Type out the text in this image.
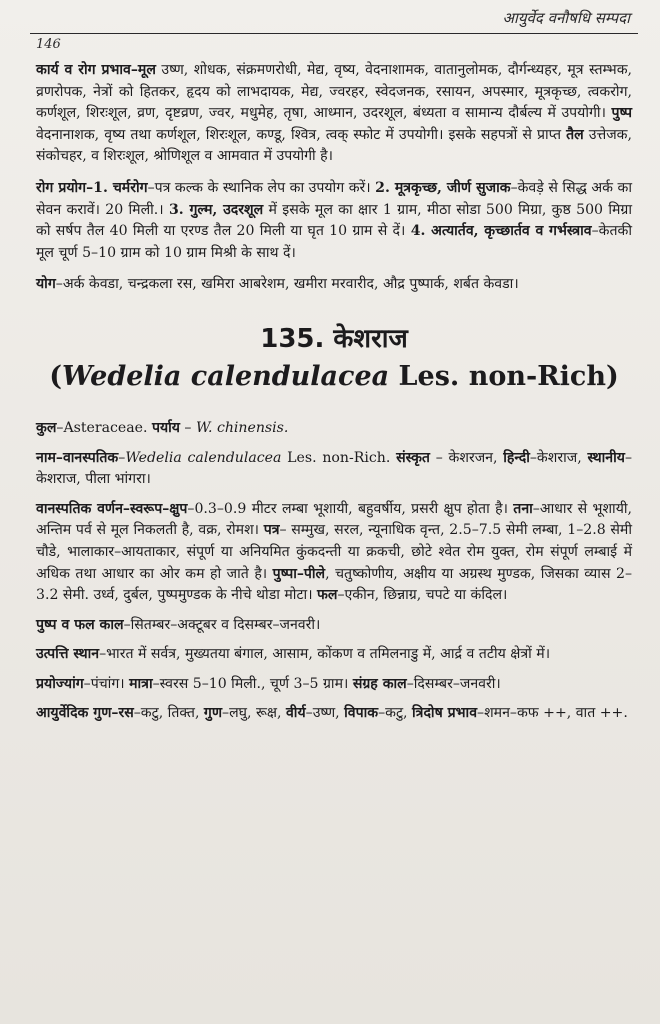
आयुर्वेद वनौषधि सम्पदा
146

कार्य व रोग प्रभाव–मूल उष्ण, शोधक, संक्रमणरोधी, मेद्य, वृष्य, वेदनाशामक, वातानुलोमक, दौर्गन्ध्यहर, मूत्र स्तम्भक, व्रणरोपक, नेत्रों को हितकर, हृदय को लाभदायक, मेद्य, ज्वरहर, स्वेदजनक, रसायन, अपस्मार, मूत्रकृच्छ, त्वकरोग, कर्णशूल, शिरःशूल, व्रण, दृष्टव्रण, ज्वर, मधुमेह, तृषा, आध्मान, उदरशूल, बंध्यता व सामान्य दौर्बल्य में उपयोगी। पुष्प वेदनानाशक, वृष्य तथा कर्णशूल, शिरःशूल, कण्डू, श्वित्र, त्वक् स्फोट में उपयोगी। इसके सहपत्रों से प्राप्त तैल उत्तेजक, संकोचहर, व शिरःशूल, श्रोणिशूल व आमवात में उपयोगी है।

रोग प्रयोग–1. चर्मरोग–पत्र कल्क के स्थानिक लेप का उपयोग करें। 2. मूत्रकृच्छ, जीर्ण सुजाक–केवड़े से सिद्ध अर्क का सेवन करावें। 20 मिली.। 3. गुल्म, उदरशूल में इसके मूल का क्षार 1 ग्राम, मीठा सोडा 500 मिग्रा, कुष्ठ 500 मिग्रा को सर्षप तैल 40 मिली या एरण्ड तैल 20 मिली या घृत 10 ग्राम से दें। 4. अत्यार्तव, कृच्छार्तव व गर्भस्त्राव–केतकी मूल चूर्ण 5–10 ग्राम को 10 ग्राम मिश्री के साथ दें।

योग–अर्क केवडा, चन्द्रकला रस, खमिरा आबरेशम, खमीरा मरवारीद, औद्र पुष्पार्क, शर्बत केवडा।

135. केशराज
(Wedelia calendulacea Les. non-Rich)

कुल–Asteraceae. पर्याय – W. chinensis.

नाम–वानस्पतिक–Wedelia calendulacea Les. non-Rich. संस्कृत – केशरजन, हिन्दी–केशराज, स्थानीय–केशराज, पीला भांगरा।

वानस्पतिक वर्णन–स्वरूप–क्षुप–0.3–0.9 मीटर लम्बा भूशायी, बहुवर्षीय, प्रसरी क्षुप होता है। तना–आधार से भूशायी, अन्तिम पर्व से मूल निकलती है, वक्र, रोमश। पत्र– सम्मुख, सरल, न्यूनाधिक वृन्त, 2.5–7.5 सेमी लम्बा, 1–2.8 सेमी चौडे, भालाकार–आयताकार, संपूर्ण या अनियमित कुंकदन्ती या क्रकची, छोटे श्वेत रोम युक्त, रोम संपूर्ण लम्बाई में अधिक तथा आधार का ओर कम हो जाते है। पुष्पा–पीले, चतुष्कोणीय, अक्षीय या अग्रस्थ मुण्डक, जिसका व्यास 2–3.2 सेमी. उर्ध्व, दुर्बल, पुष्पमुण्डक के नीचे थोडा मोटा। फल–एकीन, छिन्नाग्र, चपटे या कंदिल।

पुष्प व फल काल–सितम्बर–अक्टूबर व दिसम्बर–जनवरी।

उत्पत्ति स्थान–भारत में सर्वत्र, मुख्यतया बंगाल, आसाम, कोंकण व तमिलनाडु में, आर्द्र व तटीय क्षेत्रों में।

प्रयोज्यांग–पंचांग। मात्रा–स्वरस 5–10 मिली., चूर्ण 3–5 ग्राम। संग्रह काल–दिसम्बर–जनवरी।

आयुर्वेदिक गुण–रस–कटु, तिक्त, गुण–लघु, रूक्ष, वीर्य–उष्ण, विपाक–कटु, त्रिदोष प्रभाव–शमन–कफ ++, वात ++.
